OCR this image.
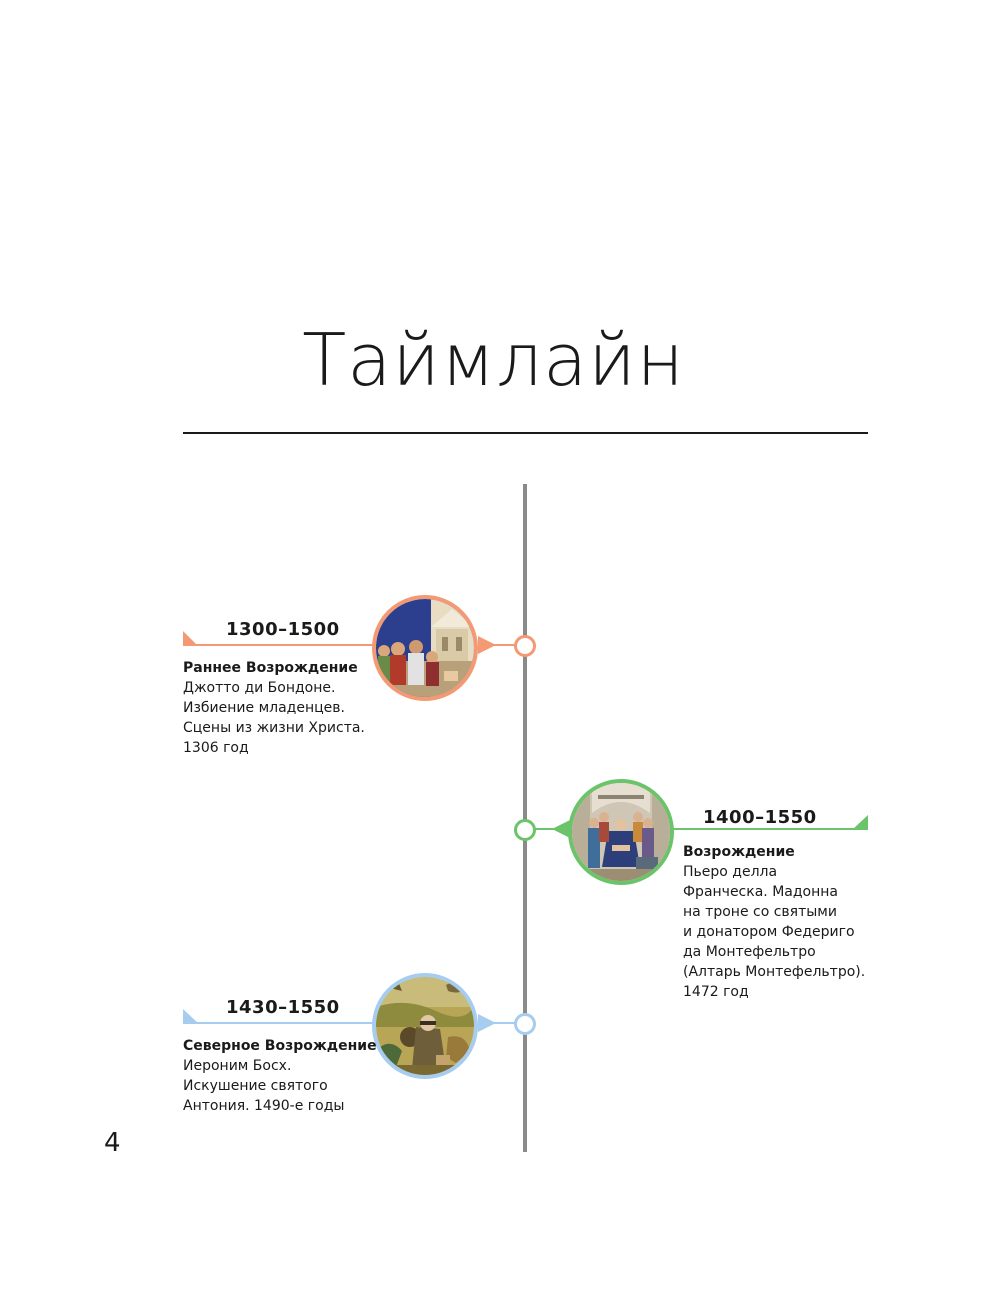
Таймлайн
1300–1500
Раннее Возрождение
Джотто ди Бондоне.
Избиение младенцев.
Сцены из жизни Христа.
1306 год
1400–1550
Возрождение
Пьеро делла
Франческа. Мадонна
на троне со святыми
и донатором Федериго
да Монтефельтро
(Алтарь Монтефельтро).
1472 год
1430–1550
Северное Возрождение
Иероним Босх.
Искушение святого
Антония. 1490-е годы
4
